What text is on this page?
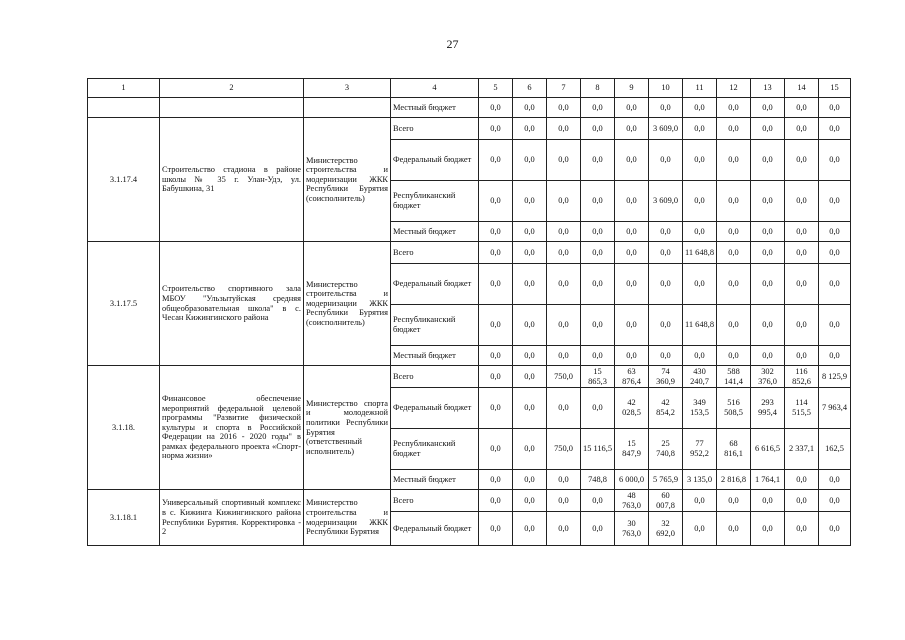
27
1	2	3	4	5	6	7	8	9	10	11	12	13	14	15
			Местный бюджет	0,0	0,0	0,0	0,0	0,0	0,0	0,0	0,0	0,0	0,0	0,0
3.1.17.4	Строительство стадиона в районе школы № 35 г. Улан-Удэ, ул. Бабушкина, 31	Министерство строительства и модернизации ЖКК Республики Бурятия (соисполнитель)	Всего	0,0	0,0	0,0	0,0	0,0	3 609,0	0,0	0,0	0,0	0,0	0,0
			Федеральный бюджет	0,0	0,0	0,0	0,0	0,0	0,0	0,0	0,0	0,0	0,0	0,0
			Республиканский бюджет	0,0	0,0	0,0	0,0	0,0	3 609,0	0,0	0,0	0,0	0,0	0,0
			Местный бюджет	0,0	0,0	0,0	0,0	0,0	0,0	0,0	0,0	0,0	0,0	0,0
3.1.17.5	Строительство спортивного зала МБОУ "Ульзытуйская средняя общеобразовательная школа" в с. Чесан Кижингинского района	Министерство строительства и модернизации ЖКК Республики Бурятия (соисполнитель)	Всего	0,0	0,0	0,0	0,0	0,0	0,0	11 648,8	0,0	0,0	0,0	0,0
			Федеральный бюджет	0,0	0,0	0,0	0,0	0,0	0,0	0,0	0,0	0,0	0,0	0,0
			Республиканский бюджет	0,0	0,0	0,0	0,0	0,0	0,0	11 648,8	0,0	0,0	0,0	0,0
			Местный бюджет	0,0	0,0	0,0	0,0	0,0	0,0	0,0	0,0	0,0	0,0	0,0
3.1.18.	Финансовое обеспечение мероприятий федеральной целевой программы "Развитие физической культуры и спорта в Российской Федерации на 2016 - 2020 годы" в рамках федерального проекта «Спорт-норма жизни»	Министерство спорта и молодежной политики Республики Бурятия (ответственный исполнитель)	Всего	0,0	0,0	750,0	15 865,3	63 876,4	74 360,9	430 240,7	588 141,4	302 376,0	116 852,6	8 125,9
			Федеральный бюджет	0,0	0,0	0,0	0,0	42 028,5	42 854,2	349 153,5	516 508,5	293 995,4	114 515,5	7 963,4
			Республиканский бюджет	0,0	0,0	750,0	15 116,5	15 847,9	25 740,8	77 952,2	68 816,1	6 616,5	2 337,1	162,5
			Местный бюджет	0,0	0,0	0,0	748,8	6 000,0	5 765,9	3 135,0	2 816,8	1 764,1	0,0	0,0
3.1.18.1	Универсальный спортивный комплекс в с. Кижинга Кижингинского района Республики Бурятия. Корректировка - 2	Министерство строительства и модернизации ЖКК Республики Бурятия	Всего	0,0	0,0	0,0	0,0	48 763,0	60 007,8	0,0	0,0	0,0	0,0	0,0
			Федеральный бюджет	0,0	0,0	0,0	0,0	30 763,0	32 692,0	0,0	0,0	0,0	0,0	0,0
